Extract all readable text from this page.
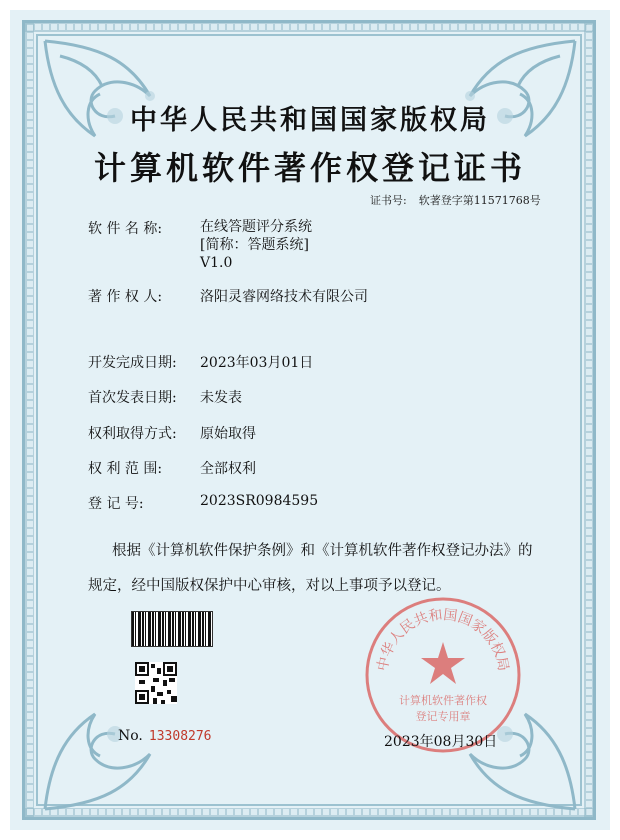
中华人民共和国国家版权局
计算机软件著作权登记证书
证书号: 软著登字第11571768号
软 件 名 称:	在线答题评分系统
[简称：答题系统]
V1.0
著 作 权 人:	洛阳灵睿网络技术有限公司
开发完成日期: 2023年03月01日
首次发表日期: 未发表
权利取得方式: 原始取得
权 利 范 围:	全部权利
登 记 号:	2023SR0984595
根据《计算机软件保护条例》和《计算机软件著作权登记办法》的
规定，经中国版权保护中心审核，对以上事项予以登记。
No. 13308276
中华人民共和国国家版权局
计算机软件著作权
登记专用章
2023年08月30日
